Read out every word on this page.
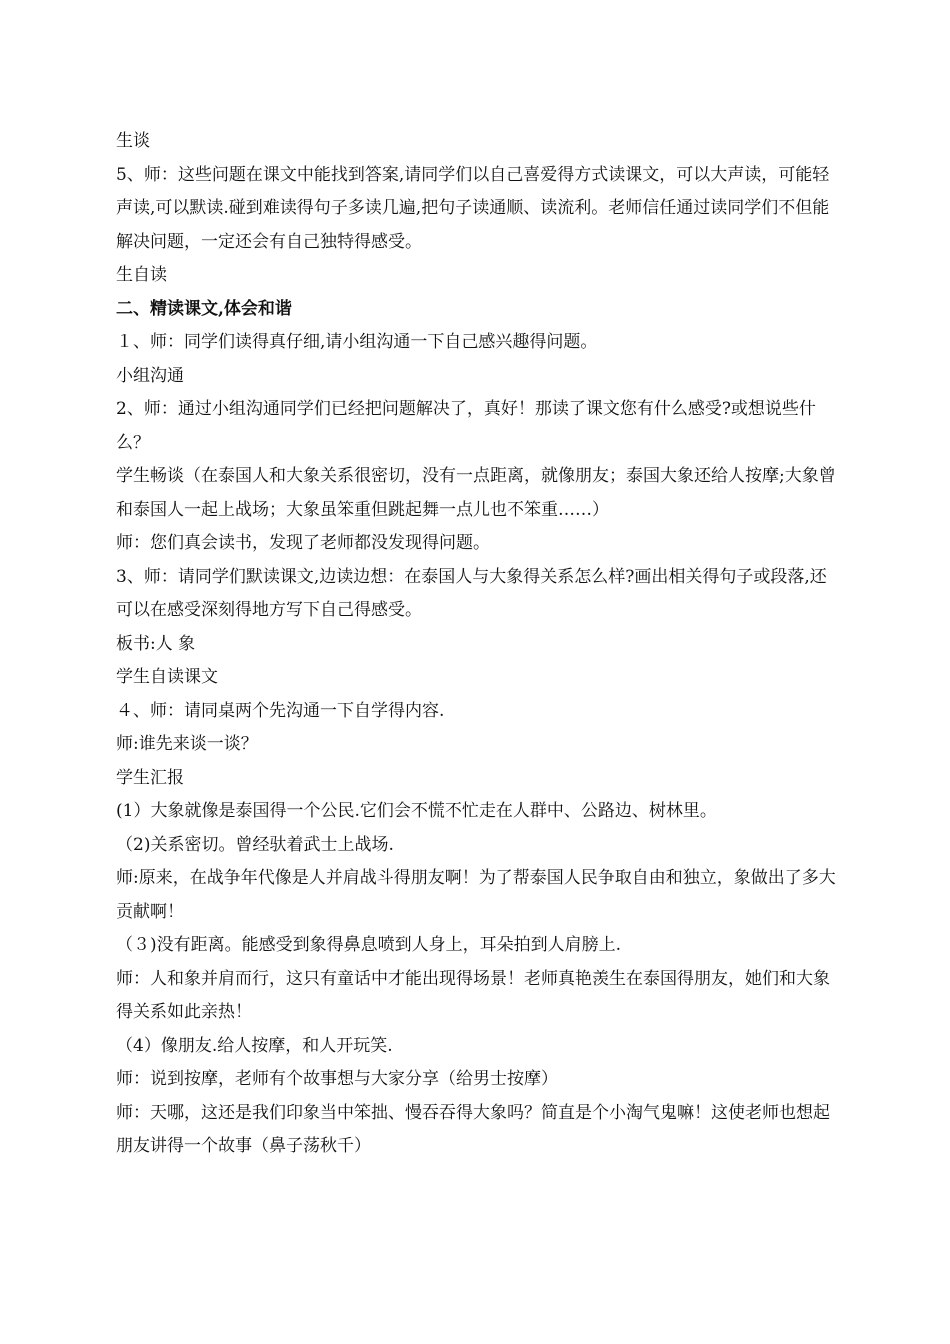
生谈
5、师：这些问题在课文中能找到答案,请同学们以自己喜爱得方式读课文，可以大声读，可能轻声读,可以默读.碰到难读得句子多读几遍,把句子读通顺、读流利。老师信任通过读同学们不但能解决问题，一定还会有自己独特得感受。
生自读
二、精读课文,体会和谐
１、师：同学们读得真仔细,请小组沟通一下自己感兴趣得问题。
小组沟通
2、师：通过小组沟通同学们已经把问题解决了，真好！那读了课文您有什么感受?或想说些什么？
学生畅谈（在泰国人和大象关系很密切，没有一点距离，就像朋友；泰国大象还给人按摩;大象曾和泰国人一起上战场；大象虽笨重但跳起舞一点儿也不笨重……）
师：您们真会读书，发现了老师都没发现得问题。
3、师：请同学们默读课文,边读边想：在泰国人与大象得关系怎么样?画出相关得句子或段落,还可以在感受深刻得地方写下自己得感受。
板书:人 象
学生自读课文
４、师：请同桌两个先沟通一下自学得内容.
师:谁先来谈一谈？
学生汇报
(1）大象就像是泰国得一个公民.它们会不慌不忙走在人群中、公路边、树林里。
（2)关系密切。曾经驮着武士上战场.
师:原来，在战争年代像是人并肩战斗得朋友啊！为了帮泰国人民争取自由和独立，象做出了多大贡献啊！
（３)没有距离。能感受到象得鼻息喷到人身上，耳朵拍到人肩膀上.
师：人和象并肩而行，这只有童话中才能出现得场景！老师真艳羡生在泰国得朋友，她们和大象得关系如此亲热！
（4）像朋友.给人按摩，和人开玩笑.
师：说到按摩，老师有个故事想与大家分享（给男士按摩）
师：天哪，这还是我们印象当中笨拙、慢吞吞得大象吗？简直是个小淘气鬼嘛！这使老师也想起朋友讲得一个故事（鼻子荡秋千）
